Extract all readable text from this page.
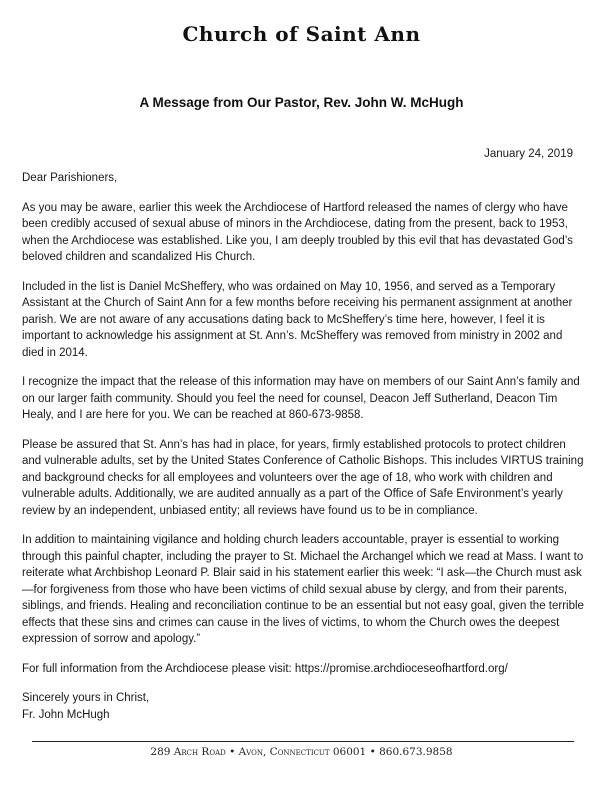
Church of Saint Ann
A Message from Our Pastor, Rev. John W. McHugh
January 24, 2019

Dear Parishioners,

As you may be aware, earlier this week the Archdiocese of Hartford released the names of clergy who have been credibly accused of sexual abuse of minors in the Archdiocese, dating from the present, back to 1953, when the Archdiocese was established. Like you, I am deeply troubled by this evil that has devastated God’s beloved children and scandalized His Church.

Included in the list is Daniel McSheffery, who was ordained on May 10, 1956, and served as a Temporary Assistant at the Church of Saint Ann for a few months before receiving his permanent assignment at another parish. We are not aware of any accusations dating back to McSheffery’s time here, however, I feel it is important to acknowledge his assignment at St. Ann’s. McSheffery was removed from ministry in 2002 and died in 2014.

I recognize the impact that the release of this information may have on members of our Saint Ann’s family and on our larger faith community. Should you feel the need for counsel, Deacon Jeff Sutherland, Deacon Tim Healy, and I are here for you. We can be reached at 860-673-9858.

Please be assured that St. Ann’s has had in place, for years, firmly established protocols to protect children and vulnerable adults, set by the United States Conference of Catholic Bishops. This includes VIRTUS training and background checks for all employees and volunteers over the age of 18, who work with children and vulnerable adults. Additionally, we are audited annually as a part of the Office of Safe Environment’s yearly review by an independent, unbiased entity; all reviews have found us to be in compliance.

In addition to maintaining vigilance and holding church leaders accountable, prayer is essential to working through this painful chapter, including the prayer to St. Michael the Archangel which we read at Mass. I want to reiterate what Archbishop Leonard P. Blair said in his statement earlier this week: “I ask—the Church must ask—for forgiveness from those who have been victims of child sexual abuse by clergy, and from their parents, siblings, and friends. Healing and reconciliation continue to be an essential but not easy goal, given the terrible effects that these sins and crimes can cause in the lives of victims, to whom the Church owes the deepest expression of sorrow and apology.”

For full information from the Archdiocese please visit: https://promise.archdioceseofhartford.org/

Sincerely yours in Christ,
Fr. John McHugh
289 Arch Road • Avon, Connecticut 06001 • 860.673.9858
